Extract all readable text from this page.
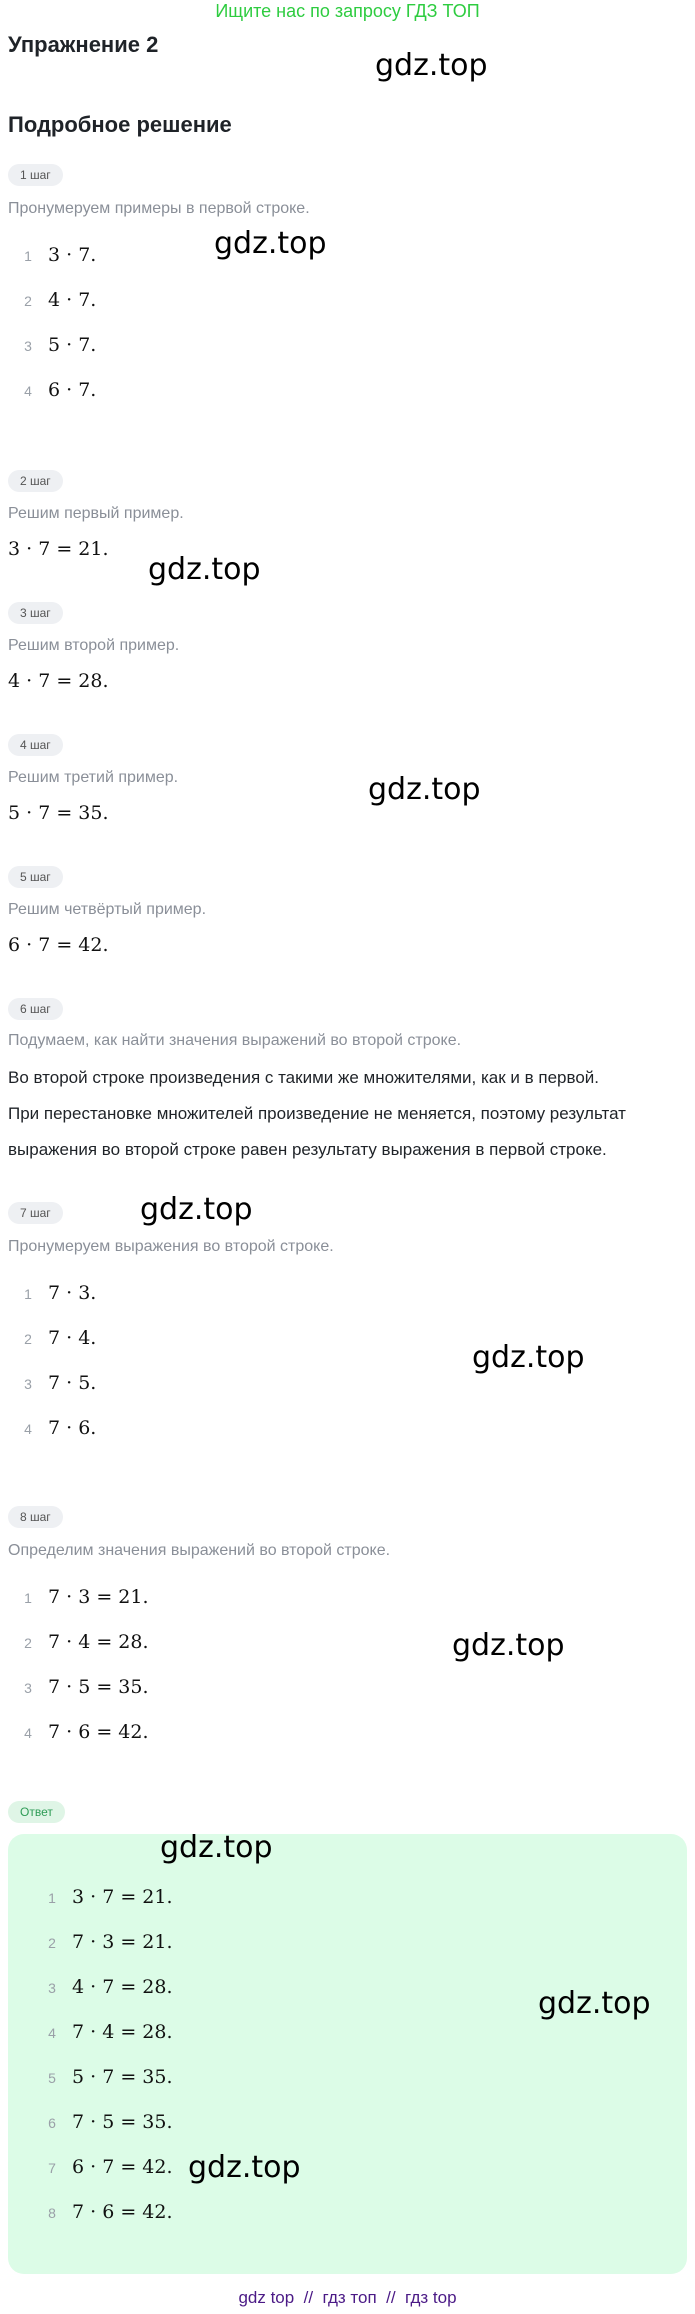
Ищите нас по запросу ГДЗ ТОП
Упражнение 2
gdz.top
Подробное решение
1 шаг
Пронумеруем примеры в первой строке.
gdz.top
1 3 · 7.
2 4 · 7.
3 5 · 7.
4 6 · 7.
2 шаг
Решим первый пример.
3 · 7 = 21.
gdz.top
3 шаг
Решим второй пример.
4 · 7 = 28.
4 шаг
Решим третий пример.	gdz.top
5 · 7 = 35.
5 шаг
Решим четвёртый пример.
6 · 7 = 42.
6 шаг
Подумаем, как найти значения выражений во второй строке.
Во второй строке произведения с такими же множителями, как и в первой.
При перестановке множителей произведение не меняется, поэтому результат
выражения во второй строке равен результату выражения в первой строке.
7 шаг	gdz.top
Пронумеруем выражения во второй строке.
1 7 · 3.
2 7 · 4.
gdz.top
3 7 · 5.
4 7 · 6.
8 шаг
Определим значения выражений во второй строке.
1 7 · 3 = 21.
2 7 · 4 = 28.	gdz.top
3 7 · 5 = 35.
4 7 · 6 = 42.
Ответ
gdz.top
1 3 · 7 = 21.
2 7 · 3 = 21.
3 4 · 7 = 28.	gdz.top
4 7 · 4 = 28.
5 5 · 7 = 35.
6 7 · 5 = 35.
gdz.top
7 6 · 7 = 42.
8 7 · 6 = 42.
gdz top  //  гдз топ  //  гдз top
